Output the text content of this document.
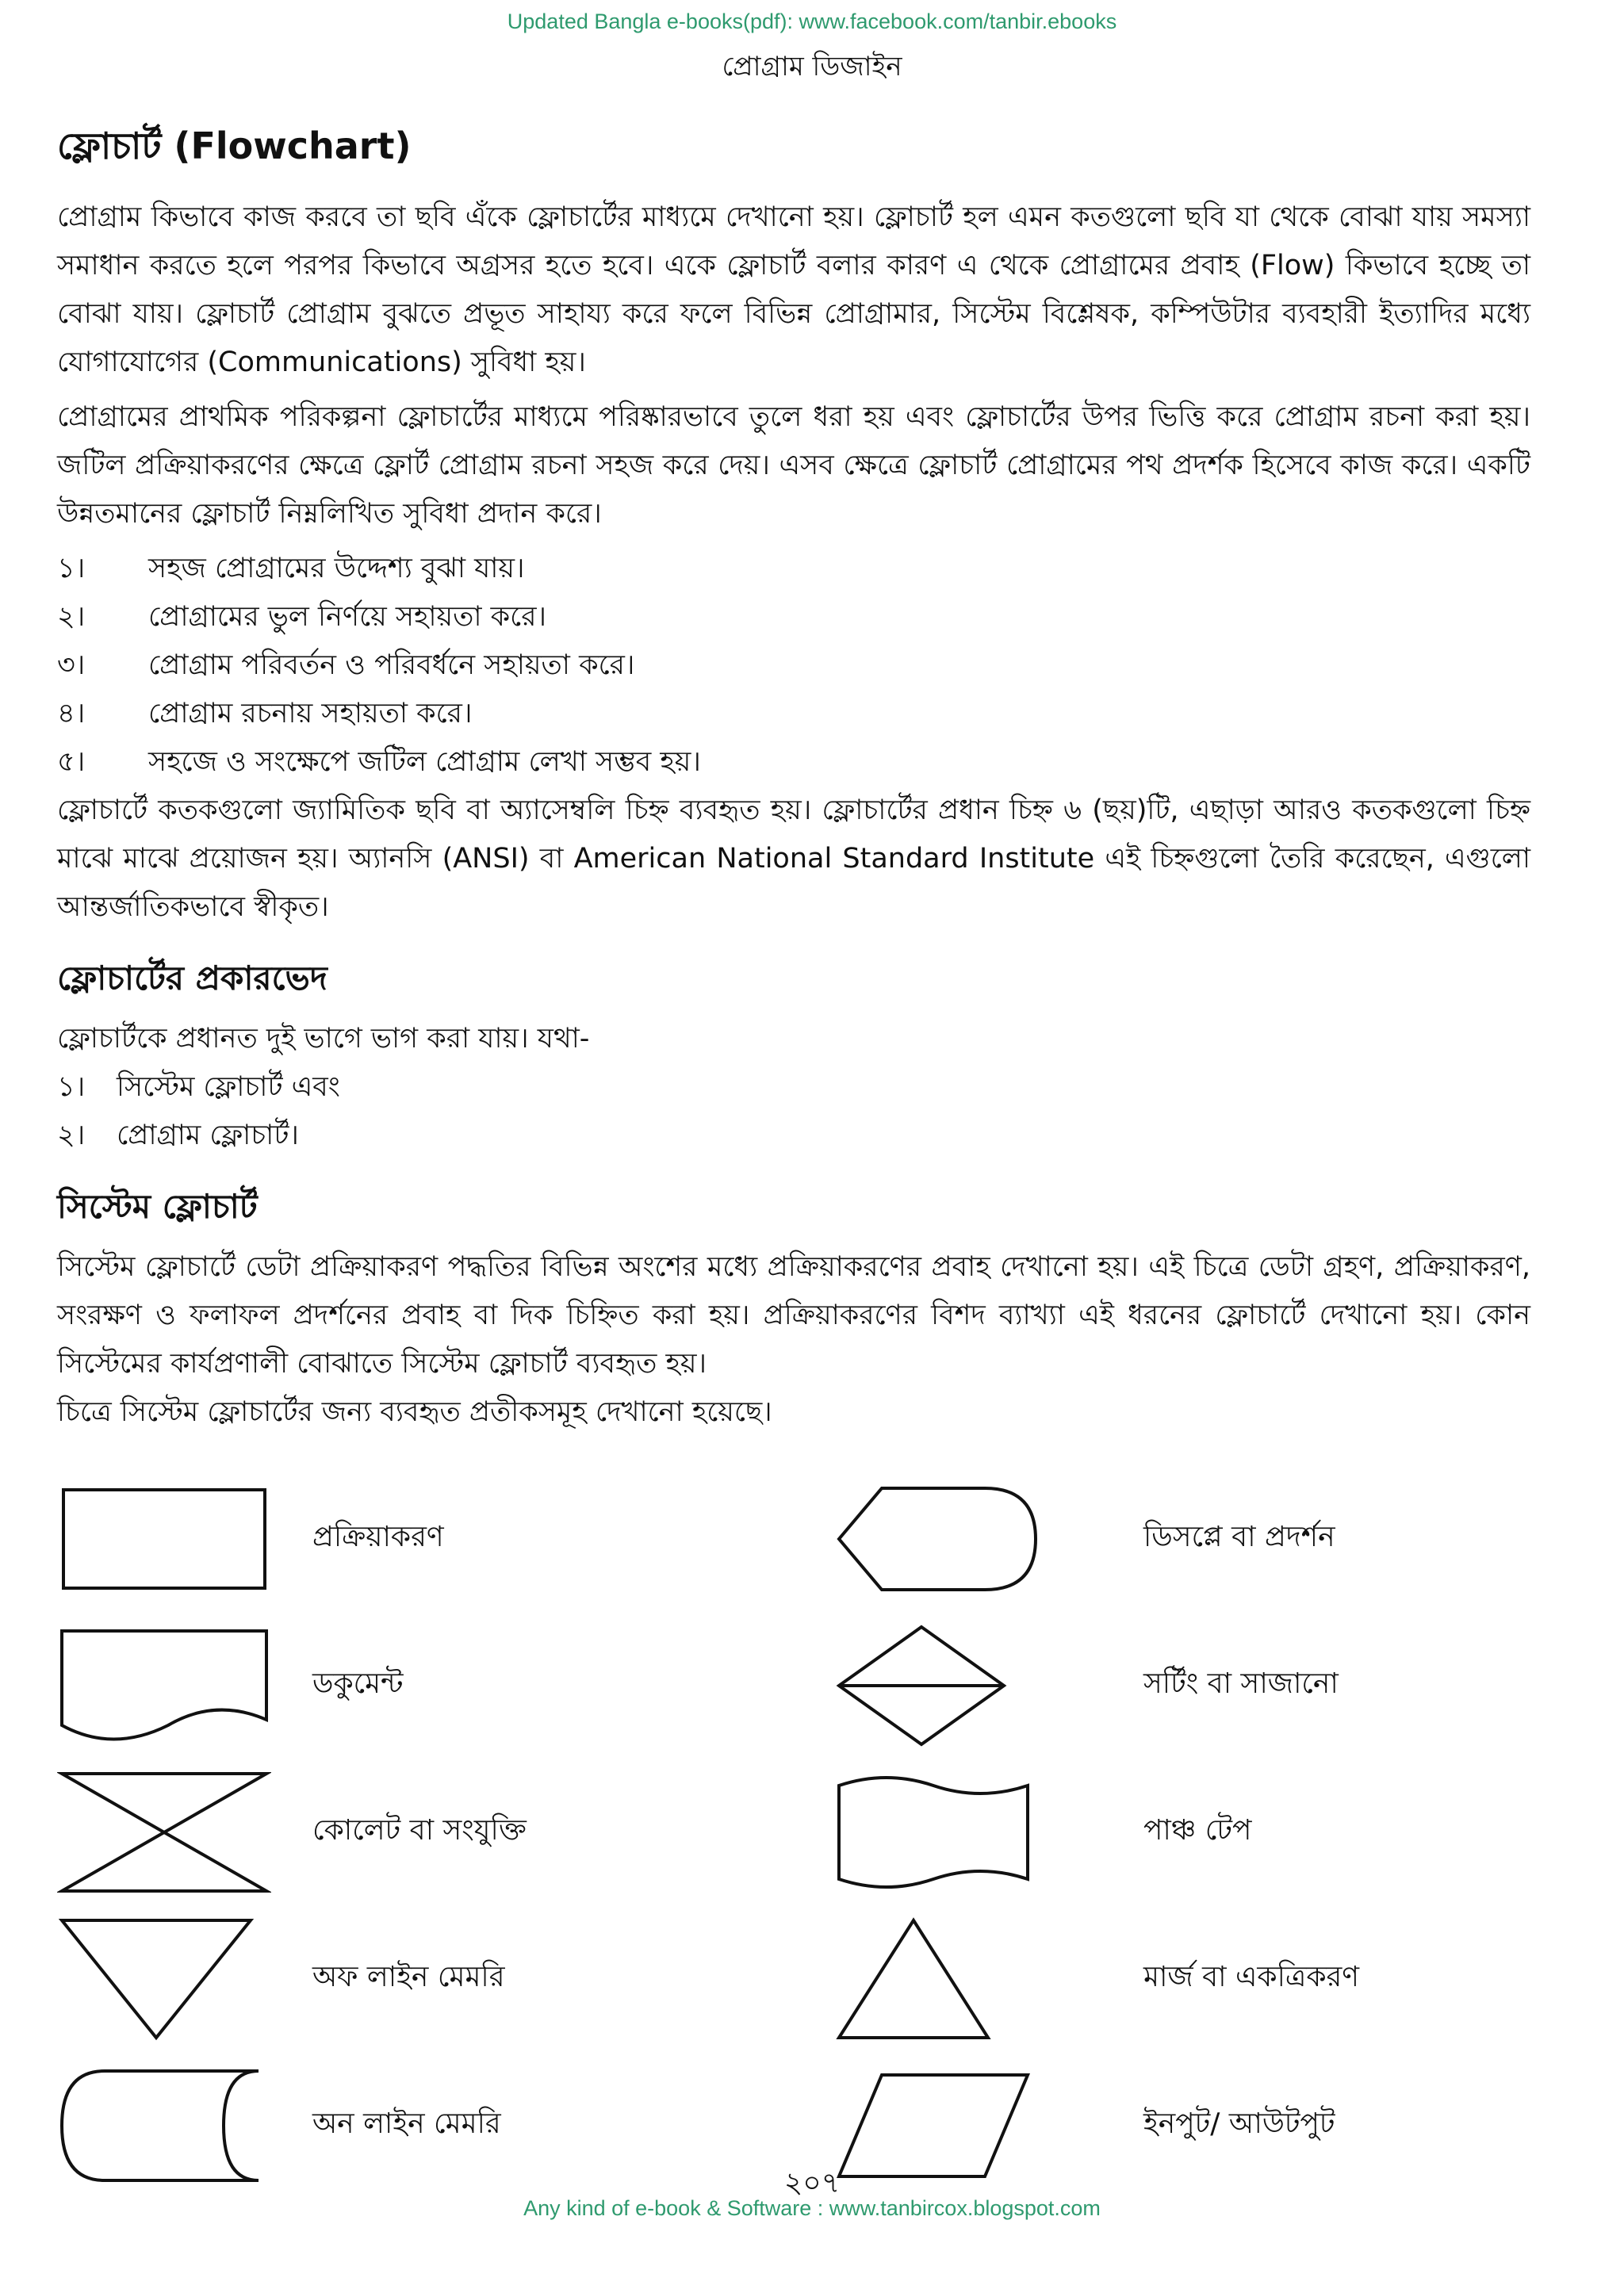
Updated Bangla e-books(pdf): www.facebook.com/tanbir.ebooks
প্রোগ্রাম ডিজাইন
ফ্লোচার্ট (Flowchart)

প্রোগ্রাম কিভাবে কাজ করবে তা ছবি এঁকে ফ্লোচার্টের মাধ্যমে দেখানো হয়। ফ্লোচার্ট হল এমন কতগুলো ছবি যা থেকে বোঝা যায় সমস্যা সমাধান করতে হলে পরপর কিভাবে অগ্রসর হতে হবে। একে ফ্লোচার্ট বলার কারণ এ থেকে প্রোগ্রামের প্রবাহ (Flow) কিভাবে হচ্ছে তা বোঝা যায়। ফ্লোচার্ট প্রোগ্রাম বুঝতে প্রভূত সাহায্য করে ফলে বিভিন্ন প্রোগ্রামার, সিস্টেম বিশ্লেষক, কম্পিউটার ব্যবহারী ইত্যাদির মধ্যে যোগাযোগের (Communications) সুবিধা হয়।

প্রোগ্রামের প্রাথমিক পরিকল্পনা ফ্লোচার্টের মাধ্যমে পরিষ্কারভাবে তুলে ধরা হয় এবং ফ্লোচার্টের উপর ভিত্তি করে প্রোগ্রাম রচনা করা হয়। জটিল প্রক্রিয়াকরণের ক্ষেত্রে ফ্লোর্ট প্রোগ্রাম রচনা সহজ করে দেয়। এসব ক্ষেত্রে ফ্লোচার্ট প্রোগ্রামের পথ প্রদর্শক হিসেবে কাজ করে। একটি উন্নতমানের ফ্লোচার্ট নিম্নলিখিত সুবিধা প্রদান করে।

১।	সহজ প্রোগ্রামের উদ্দেশ্য বুঝা যায়।
২।	প্রোগ্রামের ভুল নির্ণয়ে সহায়তা করে।
৩।	প্রোগ্রাম পরিবর্তন ও পরিবর্ধনে সহায়তা করে।
৪।	প্রোগ্রাম রচনায় সহায়তা করে।
৫।	সহজে ও সংক্ষেপে জটিল প্রোগ্রাম লেখা সম্ভব হয়।

ফ্লোচার্টে কতকগুলো জ্যামিতিক ছবি বা অ্যাসেম্বলি চিহ্ন ব্যবহৃত হয়। ফ্লোচার্টের প্রধান চিহ্ন ৬ (ছয়)টি, এছাড়া আরও কতকগুলো চিহ্ন মাঝে মাঝে প্রয়োজন হয়। অ্যানসি (ANSI) বা American National Standard Institute এই চিহ্নগুলো তৈরি করেছেন, এগুলো আন্তর্জাতিকভাবে স্বীকৃত।

ফ্লোচার্টের প্রকারভেদ

ফ্লোচার্টকে প্রধানত দুই ভাগে ভাগ করা যায়। যথা-

১।	সিস্টেম ফ্লোচার্ট এবং
২।	প্রোগ্রাম ফ্লোচার্ট।
সিস্টেম ফ্লোচার্ট

সিস্টেম ফ্লোচার্টে ডেটা প্রক্রিয়াকরণ পদ্ধতির বিভিন্ন অংশের মধ্যে প্রক্রিয়াকরণের প্রবাহ দেখানো হয়। এই চিত্রে ডেটা গ্রহণ, প্রক্রিয়াকরণ, সংরক্ষণ ও ফলাফল প্রদর্শনের প্রবাহ বা দিক চিহ্নিত করা হয়। প্রক্রিয়াকরণের বিশদ ব্যাখ্যা এই ধরনের ফ্লোচার্টে দেখানো হয়। কোন সিস্টেমের কার্যপ্রণালী বোঝাতে সিস্টেম ফ্লোচার্ট ব্যবহৃত হয়।

চিত্রে সিস্টেম ফ্লোচার্টের জন্য ব্যবহৃত প্রতীকসমূহ দেখানো হয়েছে।

প্রক্রিয়াকরণ	ডিসপ্লে বা প্রদর্শন
ডকুমেন্ট	সর্টিং বা সাজানো
কোলেট বা সংযুক্তি	পাঞ্চ টেপ
অফ লাইন মেমরি	মার্জ বা একত্রিকরণ
অন লাইন মেমরি	ইনপুট/ আউটপুট
২০৭
Any kind of e-book & Software : www.tanbircox.blogspot.com
